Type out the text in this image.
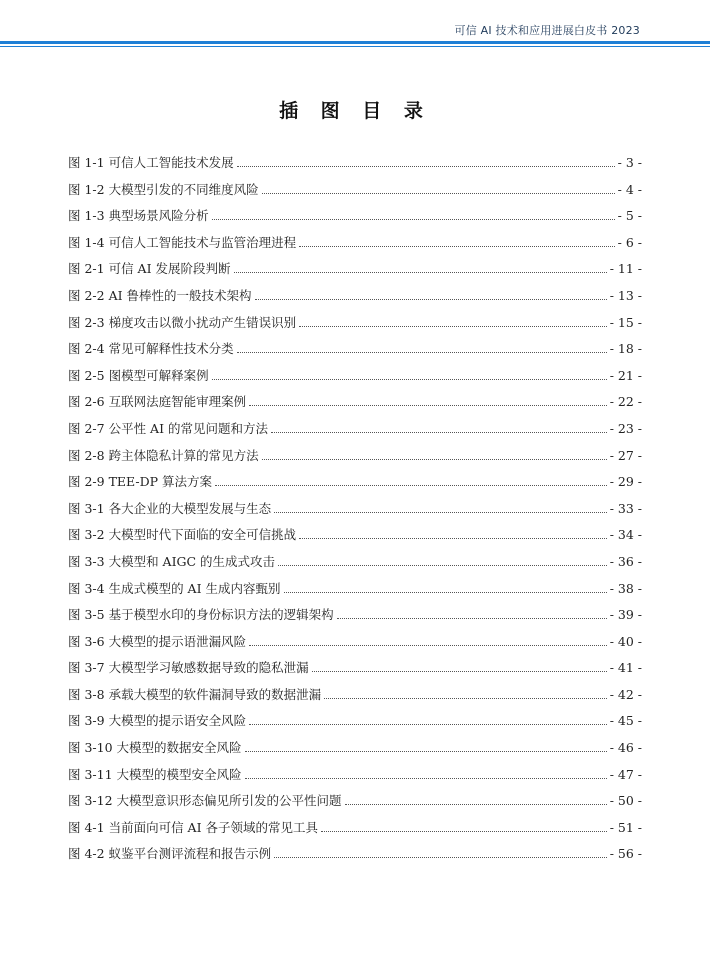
可信 AI 技术和应用进展白皮书 2023
插 图 目 录
图 1-1 可信人工智能技术发展	- 3 -
图 1-2 大模型引发的不同维度风险	- 4 -
图 1-3 典型场景风险分析	- 5 -
图 1-4 可信人工智能技术与监管治理进程	- 6 -
图 2-1 可信 AI 发展阶段判断	- 11 -
图 2-2 AI 鲁棒性的一般技术架构	- 13 -
图 2-3 梯度攻击以微小扰动产生错误识别	- 15 -
图 2-4 常见可解释性技术分类	- 18 -
图 2-5 图模型可解释案例	- 21 -
图 2-6 互联网法庭智能审理案例	- 22 -
图 2-7 公平性 AI 的常见问题和方法	- 23 -
图 2-8 跨主体隐私计算的常见方法	- 27 -
图 2-9 TEE-DP 算法方案	- 29 -
图 3-1 各大企业的大模型发展与生态	- 33 -
图 3-2 大模型时代下面临的安全可信挑战	- 34 -
图 3-3 大模型和 AIGC 的生成式攻击	- 36 -
图 3-4 生成式模型的 AI 生成内容甄别	- 38 -
图 3-5 基于模型水印的身份标识方法的逻辑架构	- 39 -
图 3-6 大模型的提示语泄漏风险	- 40 -
图 3-7 大模型学习敏感数据导致的隐私泄漏	- 41 -
图 3-8 承载大模型的软件漏洞导致的数据泄漏	- 42 -
图 3-9 大模型的提示语安全风险	- 45 -
图 3-10 大模型的数据安全风险	- 46 -
图 3-11 大模型的模型安全风险	- 47 -
图 3-12 大模型意识形态偏见所引发的公平性问题	- 50 -
图 4-1 当前面向可信 AI 各子领域的常见工具	- 51 -
图 4-2 蚁鉴平台测评流程和报告示例	- 56 -
